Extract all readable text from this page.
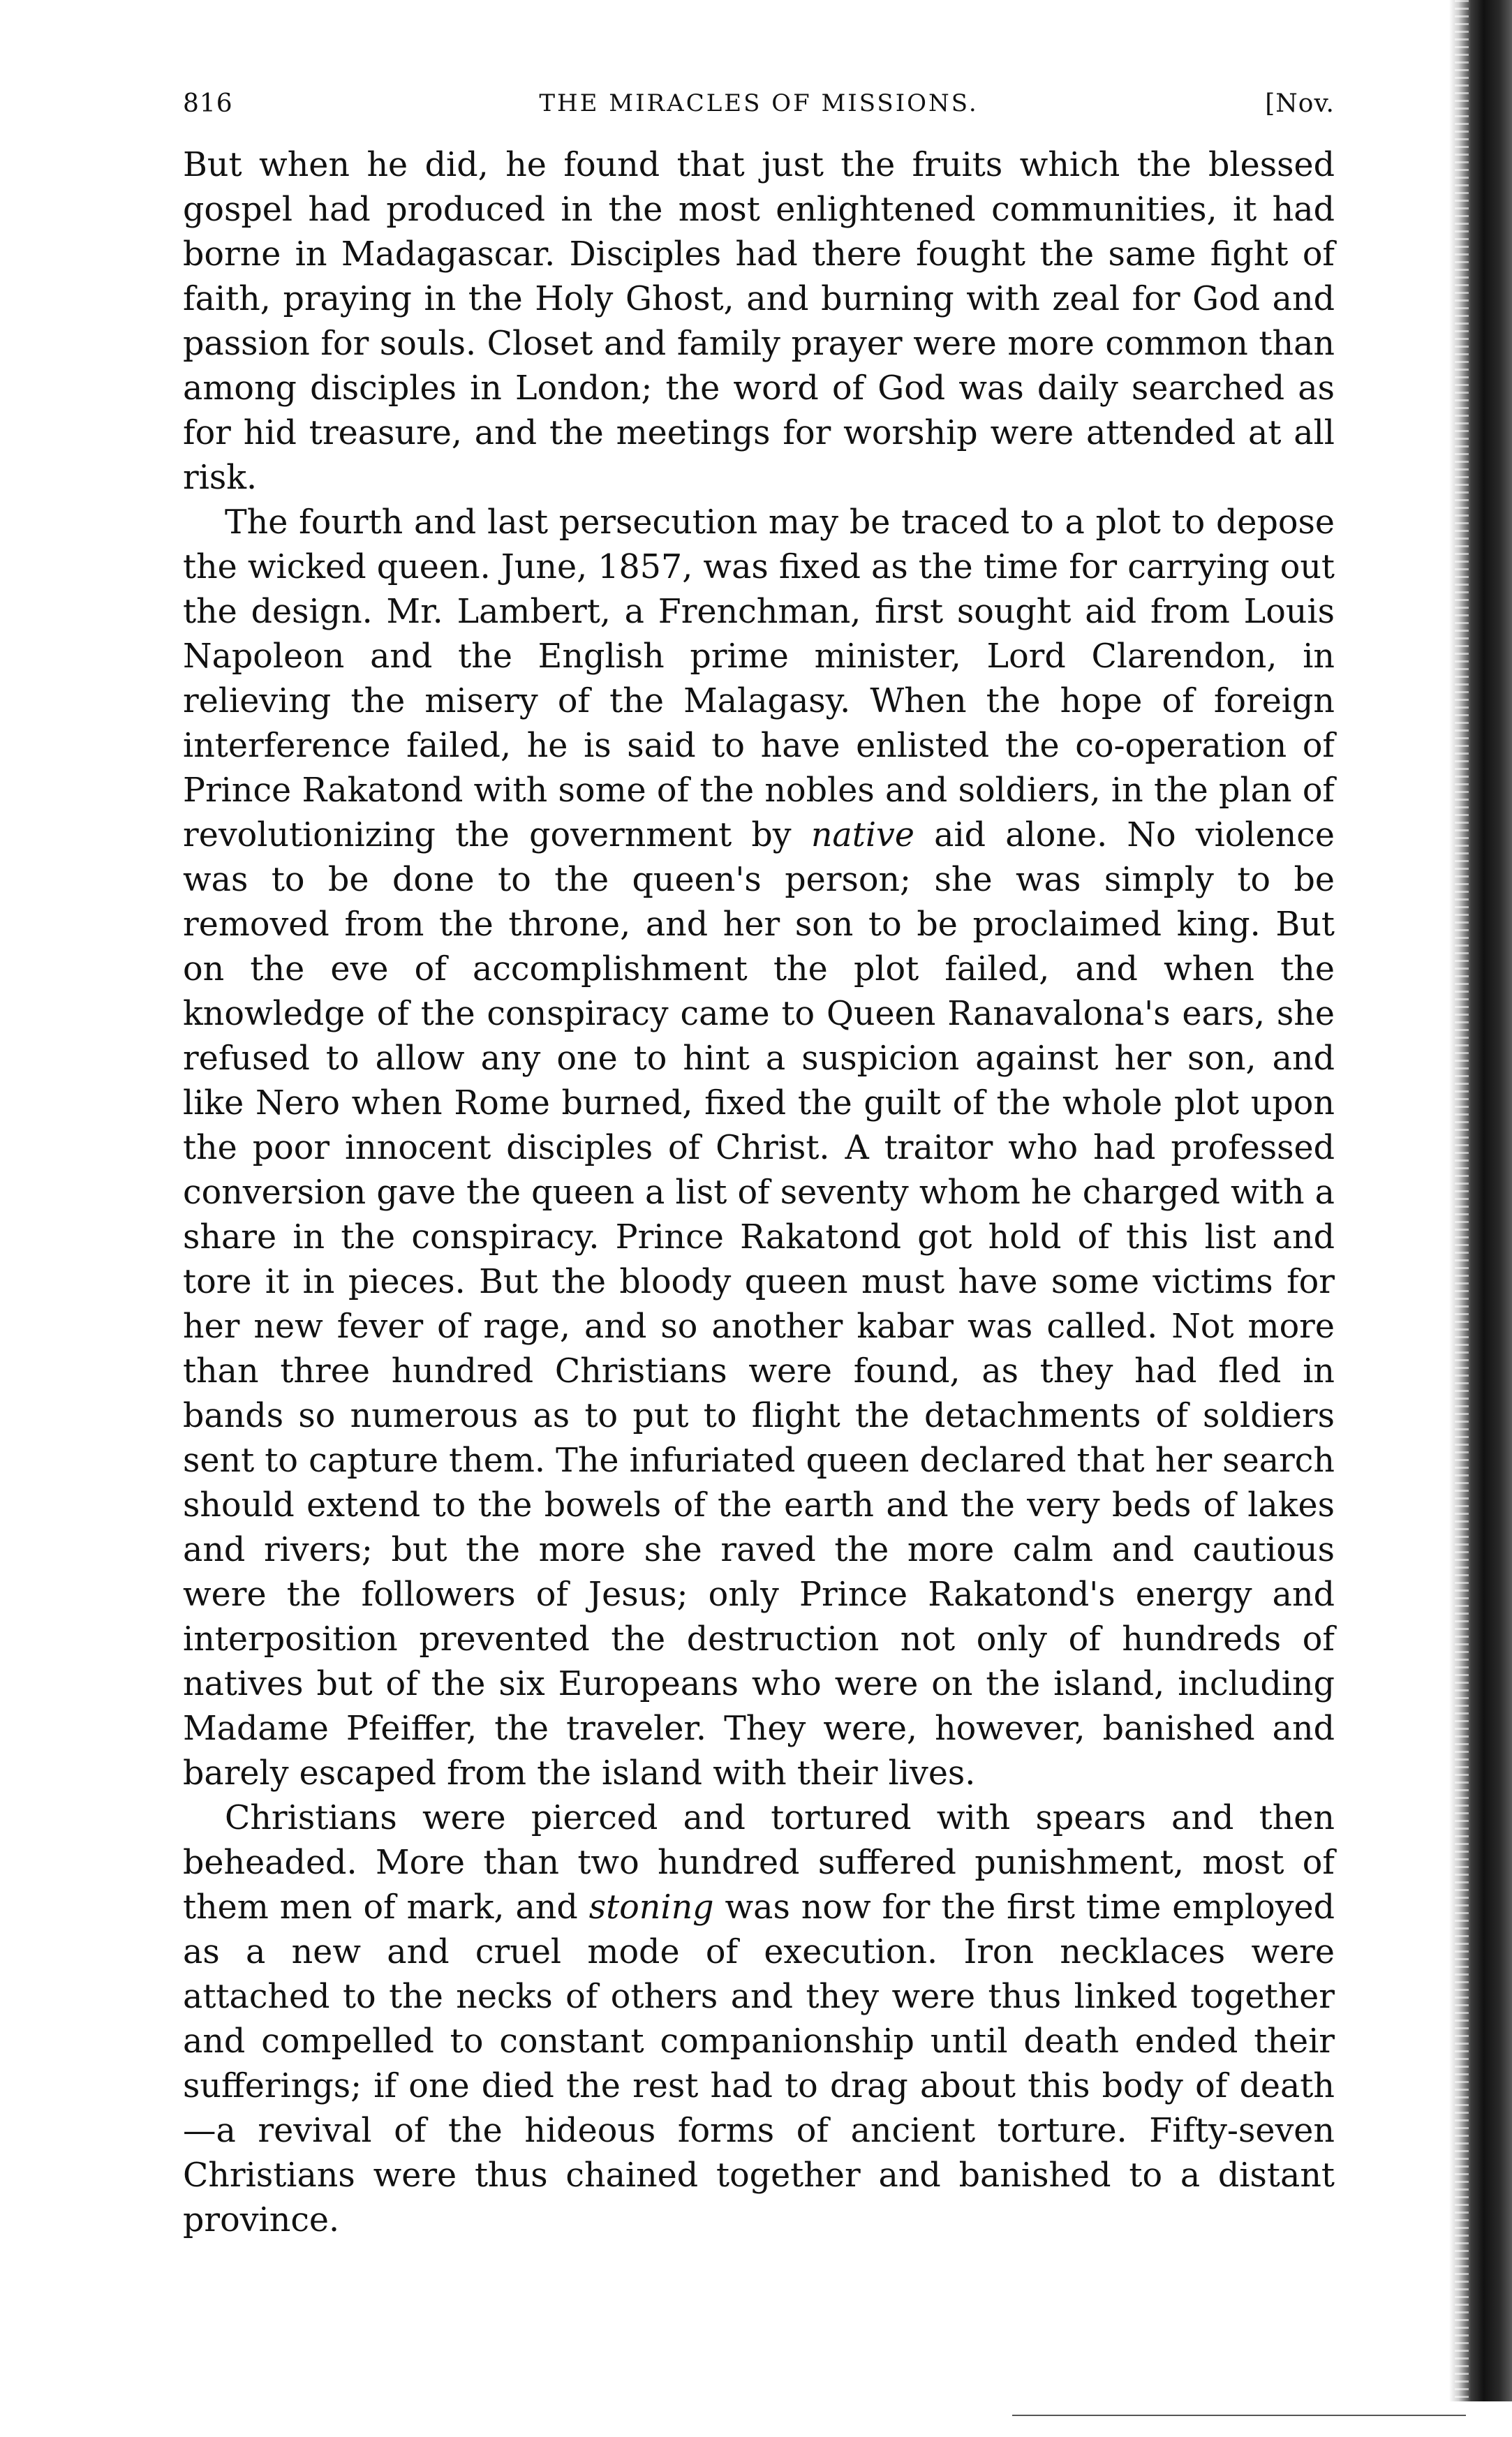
816	THE MIRACLES OF MISSIONS.	[Nov.

But when he did, he found that just the fruits which the blessed gospel had produced in the most enlightened communities, it had borne in Madagascar. Disciples had there fought the same fight of faith, praying in the Holy Ghost, and burning with zeal for God and passion for souls. Closet and family prayer were more common than among disciples in London; the word of God was daily searched as for hid treasure, and the meetings for worship were attended at all risk.

The fourth and last persecution may be traced to a plot to depose the wicked queen. June, 1857, was fixed as the time for carrying out the design. Mr. Lambert, a Frenchman, first sought aid from Louis Napoleon and the English prime minister, Lord Clarendon, in relieving the misery of the Malagasy. When the hope of foreign interference failed, he is said to have enlisted the co-operation of Prince Rakatond with some of the nobles and soldiers, in the plan of revolutionizing the government by native aid alone. No violence was to be done to the queen's person; she was simply to be removed from the throne, and her son to be proclaimed king. But on the eve of accomplishment the plot failed, and when the knowledge of the conspiracy came to Queen Ranavalona's ears, she refused to allow any one to hint a suspicion against her son, and like Nero when Rome burned, fixed the guilt of the whole plot upon the poor innocent disciples of Christ. A traitor who had professed conversion gave the queen a list of seventy whom he charged with a share in the conspiracy. Prince Rakatond got hold of this list and tore it in pieces. But the bloody queen must have some victims for her new fever of rage, and so another kabar was called. Not more than three hundred Christians were found, as they had fled in bands so numerous as to put to flight the detachments of soldiers sent to capture them. The infuriated queen declared that her search should extend to the bowels of the earth and the very beds of lakes and rivers; but the more she raved the more calm and cautious were the followers of Jesus; only Prince Rakatond's energy and interposition prevented the destruction not only of hundreds of natives but of the six Europeans who were on the island, including Madame Pfeiffer, the traveler. They were, however, banished and barely escaped from the island with their lives.

Christians were pierced and tortured with spears and then beheaded. More than two hundred suffered punishment, most of them men of mark, and stoning was now for the first time employed as a new and cruel mode of execution. Iron necklaces were attached to the necks of others and they were thus linked together and compelled to constant companionship until death ended their sufferings; if one died the rest had to drag about this body of death—a revival of the hideous forms of ancient torture. Fifty-seven Christians were thus chained together and banished to a distant province.
